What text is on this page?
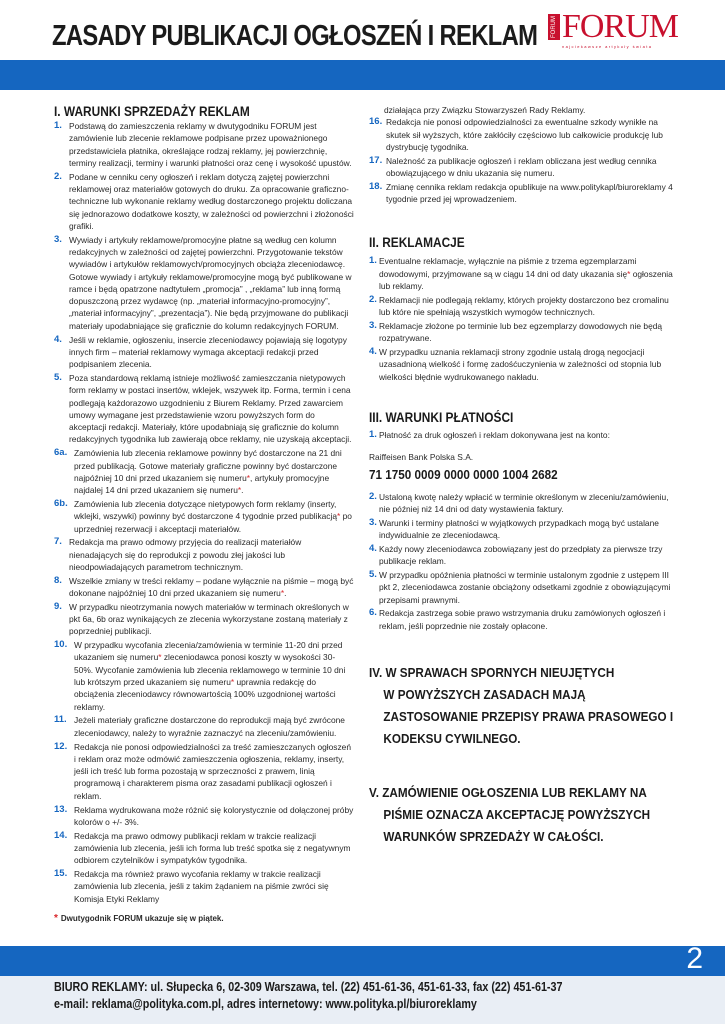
ZASADY PUBLIKACJI OGŁOSZEŃ I REKLAM	FORUM FORUM
najciekawsze artykuły świata
I. WARUNKI SPRZEDAŻY REKLAM
1. Podstawą do zamieszczenia reklamy w dwutygodniku FORUM jest zamówienie lub zlecenie reklamowe podpisane przez upoważnionego przedstawiciela płatnika, określające rodzaj reklamy, jej powierzchnię, terminy realizacji, terminy i warunki płatności oraz cenę i wysokość upustów.
2. Podane w cenniku ceny ogłoszeń i reklam dotyczą zajętej powierzchni reklamowej oraz materiałów gotowych do druku. Za opracowanie graficzno-techniczne lub wykonanie reklamy według dostarczonego projektu doliczana się jednorazowo dodatkowe koszty, w zależności od powierzchni i złożoności grafiki.
3. Wywiady i artykuły reklamowe/promocyjne płatne są według cen kolumn redakcyjnych w zależności od zajętej powierzchni. Przygotowanie tekstów wywiadów i artykułów reklamowych/promocyjnych obciąża zleceniodawcę. Gotowe wywiady i artykuły reklamowe/promocyjne mogą być publikowane w ramce i będą opatrzone nadtytułem „promocja” , „reklama” lub inną formą dopuszczoną przez wydawcę (np. „materiał informacyjno-promocyjny”, „materiał informacyjny”, „prezentacja”). Nie będą przyjmowane do publikacji materiały upodabniające się graficznie do kolumn redakcyjnych FORUM.
4. Jeśli w reklamie, ogłoszeniu, insercie zleceniodawcy pojawiają się logotypy innych firm – materiał reklamowy wymaga akceptacji redakcji przed podpisaniem zlecenia.
5. Poza standardową reklamą istnieje możliwość zamieszczania nietypowych form reklamy w postaci insertów, wklejek, wszywek itp. Forma, termin i cena podlegają każdorazowo uzgodnieniu z Biurem Reklamy. Przed zawarciem umowy wymagane jest przedstawienie wzoru powyższych form do akceptacji redakcji. Materiały, które upodabniają się graficznie do kolumn redakcyjnych tygodnika lub zawierają obce reklamy, nie uzyskają akceptacji.
6a. Zamówienia lub zlecenia reklamowe powinny być dostarczone na 21 dni przed publikacją. Gotowe materiały graficzne powinny być dostarczone najpóźniej 10 dni przed ukazaniem się numeru*, artykuły promocyjne najdalej 14 dni przed ukazaniem się numeru*.
6b. Zamówienia lub zlecenia dotyczące nietypowych form reklamy (inserty, wklejki, wszywki) powinny być dostarczone 4 tygodnie przed publikacją* po uprzedniej rezerwacji i akceptacji materiałów.
7. Redakcja ma prawo odmowy przyjęcia do realizacji materiałów nienadających się do reprodukcji z powodu złej jakości lub nieodpowiadających parametrom technicznym.
8. Wszelkie zmiany w treści reklamy – podane wyłącznie na piśmie – mogą być dokonane najpóźniej 10 dni przed ukazaniem się numeru*.
9. W przypadku nieotrzymania nowych materiałów w terminach określonych w pkt 6a, 6b oraz wynikających ze zlecenia wykorzystane zostaną materiały z poprzedniej publikacji.
10. W przypadku wycofania zlecenia/zamówienia w terminie 11-20 dni przed ukazaniem się numeru* zleceniodawca ponosi koszty w wysokości 30-50%. Wycofanie zamówienia lub zlecenia reklamowego w terminie 10 dni lub krótszym przed ukazaniem się numeru* uprawnia redakcję do obciążenia zleceniodawcy równowartością 100% uzgodnionej wartości reklamy.
11. Jeżeli materiały graficzne dostarczone do reprodukcji mają być zwrócone zleceniodawcy, należy to wyraźnie zaznaczyć na zleceniu/zamówieniu.
12. Redakcja nie ponosi odpowiedzialności za treść zamieszczanych ogłoszeń i reklam oraz może odmówić zamieszczenia ogłoszenia, reklamy, inserty, jeśli ich treść lub forma pozostają w sprzeczności z prawem, linią programową i charakterem pisma oraz zasadami publikacji ogłoszeń i reklam.
13. Reklama wydrukowana może różnić się kolorystycznie od dołączonej próby kolorów o +/- 3%.
14. Redakcja ma prawo odmowy publikacji reklam w trakcie realizacji zamówienia lub zlecenia, jeśli ich forma lub treść spotka się z negatywnym odbiorem czytelników i sympatyków tygodnika.
15. Redakcja ma również prawo wycofania reklamy w trakcie realizacji zamówienia lub zlecenia, jeśli z takim żądaniem na piśmie zwróci się Komisja Etyki Reklamy
* Dwutygodnik FORUM ukazuje się w piątek.
działająca przy Związku Stowarzyszeń Rady Reklamy.
16. Redakcja nie ponosi odpowiedzialności za ewentualne szkody wynikłe na skutek sił wyższych, które zakłóciły częściowo lub całkowicie produkcję lub dystrybucję tygodnika.
17. Należność za publikacje ogłoszeń i reklam obliczana jest według cennika obowiązującego w dniu ukazania się numeru.
18. Zmianę cennika reklam redakcja opublikuje na www.politykapl/biuroreklamy 4 tygodnie przed jej wprowadzeniem.
II. REKLAMACJE
1. Eventualne reklamacje, wyłącznie na piśmie z trzema egzemplarzami dowodowymi, przyjmowane są w ciągu 14 dni od daty ukazania się* ogłoszenia lub reklamy.
2. Reklamacji nie podlegają reklamy, których projekty dostarczono bez cromalinu lub które nie spełniają wszystkich wymogów technicznych.
3. Reklamacje złożone po terminie lub bez egzemplarzy dowodowych nie będą rozpatrywane.
4. W przypadku uznania reklamacji strony zgodnie ustalą drogą negocjacji uzasadnioną wielkość i formę zadośćuczynienia w zależności od stopnia lub wielkości błędnie wydrukowanego nakładu.
III. WARUNKI PŁATNOŚCI
1. Płatność za druk ogłoszeń i reklam dokonywana jest na konto:
Raiffeisen Bank Polska S.A.
71 1750 0009 0000 0000 1004 2682
2. Ustaloną kwotę należy wpłacić w terminie określonym w zleceniu/zamówieniu, nie później niż 14 dni od daty wystawienia faktury.
3. Warunki i terminy płatności w wyjątkowych przypadkach mogą być ustalane indywidualnie ze zleceniodawcą.
4. Każdy nowy zleceniodawca zobowiązany jest do przedpłaty za pierwsze trzy publikacje reklam.
5. W przypadku opóźnienia płatności w terminie ustalonym zgodnie z ustępem III pkt 2, zleceniodawca zostanie obciążony odsetkami zgodnie z obowiązującymi przepisami prawnymi.
6. Redakcja zastrzega sobie prawo wstrzymania druku zamówionych ogłoszeń i reklam, jeśli poprzednie nie zostały opłacone.
IV. W SPRAWACH SPORNYCH NIEUJĘTYCH
W POWYŻSZYCH ZASADACH MAJĄ
ZASTOSOWANIE PRZEPISY PRAWA PRASOWEGO I
KODEKSU CYWILNEGO.
V. ZAMÓWIENIE OGŁOSZENIA LUB REKLAMY NA
PIŚMIE OZNACZA AKCEPTACJĘ POWYŻSZYCH
WARUNKÓW SPRZEDAŻY W CAŁOŚCI.
2
BIURO REKLAMY: ul. Słupecka 6, 02-309 Warszawa, tel. (22) 451-61-36, 451-61-33, fax (22) 451-61-37
e-mail: reklama@polityka.com.pl, adres internetowy: www.polityka.pl/biuroreklamy
